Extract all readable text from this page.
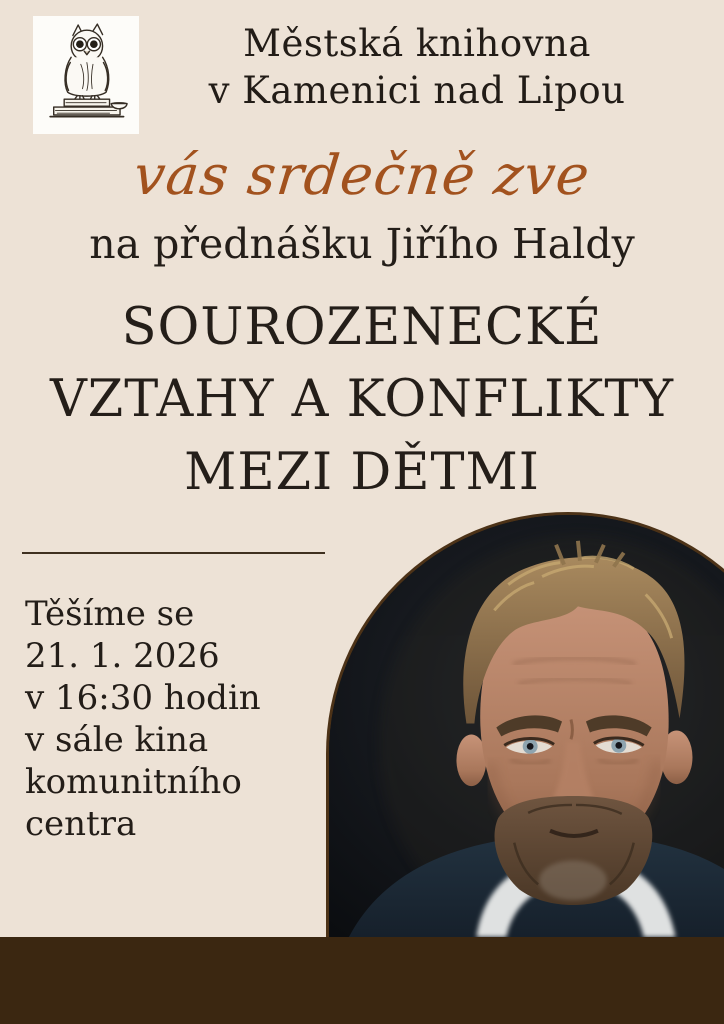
Městská knihovna
v Kamenici nad Lipou
vás srdečně zve
na přednášku Jiřího Haldy
SOUROZENECKÉ
VZTAHY A KONFLIKTY
MEZI DĚTMI
Těšíme se
21. 1. 2026
v 16:30 hodin
v sále kina
komunitního
centra
